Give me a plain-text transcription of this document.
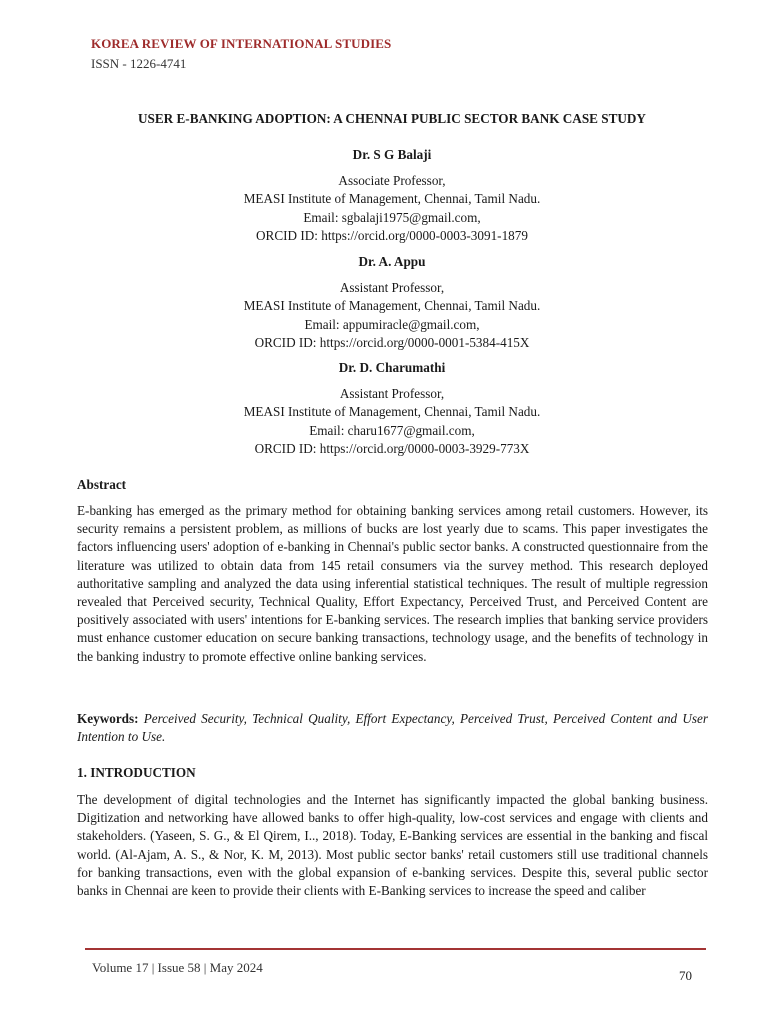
KOREA REVIEW OF INTERNATIONAL STUDIES
ISSN - 1226-4741
USER E-BANKING ADOPTION: A CHENNAI PUBLIC SECTOR BANK CASE STUDY
Dr. S G Balaji
Associate Professor,
MEASI Institute of Management, Chennai, Tamil Nadu.
Email: sgbalaji1975@gmail.com,
ORCID ID: https://orcid.org/0000-0003-3091-1879
Dr. A. Appu
Assistant Professor,
MEASI Institute of Management, Chennai, Tamil Nadu.
Email: appumiracle@gmail.com,
ORCID ID: https://orcid.org/0000-0001-5384-415X
Dr. D. Charumathi
Assistant Professor,
MEASI Institute of Management, Chennai, Tamil Nadu.
Email: charu1677@gmail.com,
ORCID ID: https://orcid.org/0000-0003-3929-773X
Abstract
E-banking has emerged as the primary method for obtaining banking services among retail customers. However, its security remains a persistent problem, as millions of bucks are lost yearly due to scams. This paper investigates the factors influencing users' adoption of e-banking in Chennai's public sector banks. A constructed questionnaire from the literature was utilized to obtain data from 145 retail consumers via the survey method. This research deployed authoritative sampling and analyzed the data using inferential statistical techniques. The result of multiple regression revealed that Perceived security, Technical Quality, Effort Expectancy, Perceived Trust, and Perceived Content are positively associated with users' intentions for E-banking services. The research implies that banking service providers must enhance customer education on secure banking transactions, technology usage, and the benefits of technology in the banking industry to promote effective online banking services.
Keywords: Perceived Security, Technical Quality, Effort Expectancy, Perceived Trust, Perceived Content and User Intention to Use.
1. INTRODUCTION
The development of digital technologies and the Internet has significantly impacted the global banking business. Digitization and networking have allowed banks to offer high-quality, low-cost services and engage with clients and stakeholders. (Yaseen, S. G., & El Qirem, I.., 2018). Today, E-Banking services are essential in the banking and fiscal world. (Al-Ajam, A. S., & Nor, K. M, 2013). Most public sector banks' retail customers still use traditional channels for banking transactions, even with the global expansion of e-banking services. Despite this, several public sector banks in Chennai are keen to provide their clients with E-Banking services to increase the speed and caliber
Volume 17 | Issue 58 | May 2024
70
